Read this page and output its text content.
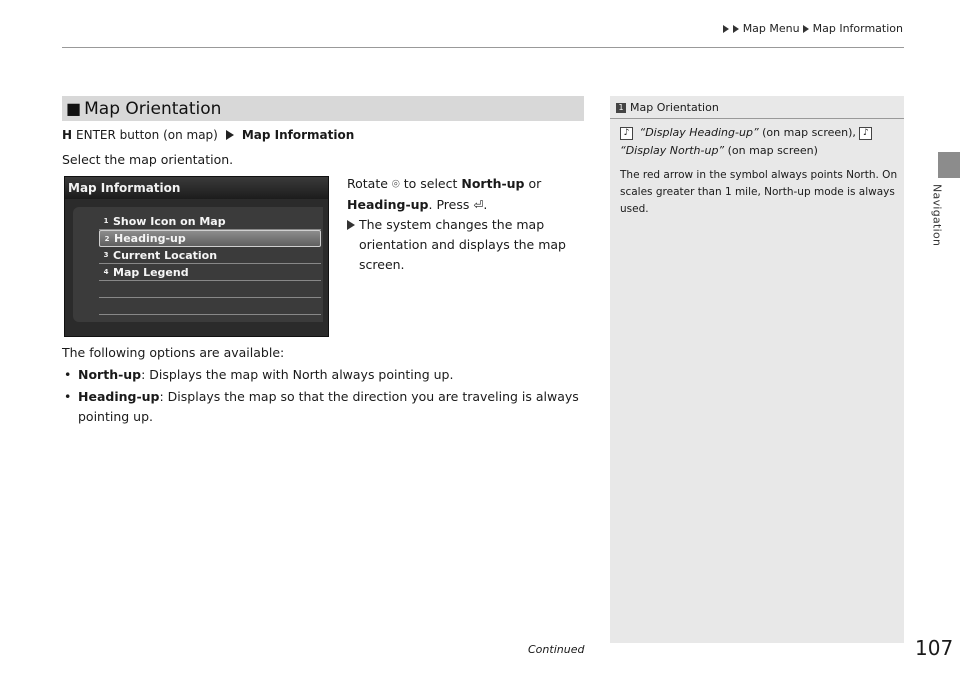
Map Menu Map Information
Navigation
■ Map Orientation
H ENTER button (on map) Map Information
Select the map orientation.
Map Information
1 Show Icon on Map
2 Heading-up
3 Current Location
4 Map Legend
Rotate ⌾ to select North-up or
Heading-up. Press ⏎.
The system changes the map orientation and displays the map screen.
The following options are available:
• North-up: Displays the map with North always pointing up.
• Heading-up: Displays the map so that the direction you are traveling is always pointing up.
1 Map Orientation
♪ “Display Heading-up” (on map screen), ♪
“Display North-up” (on map screen)
The red arrow in the symbol always points North. On scales greater than 1 mile, North-up mode is always used.
Continued	107
